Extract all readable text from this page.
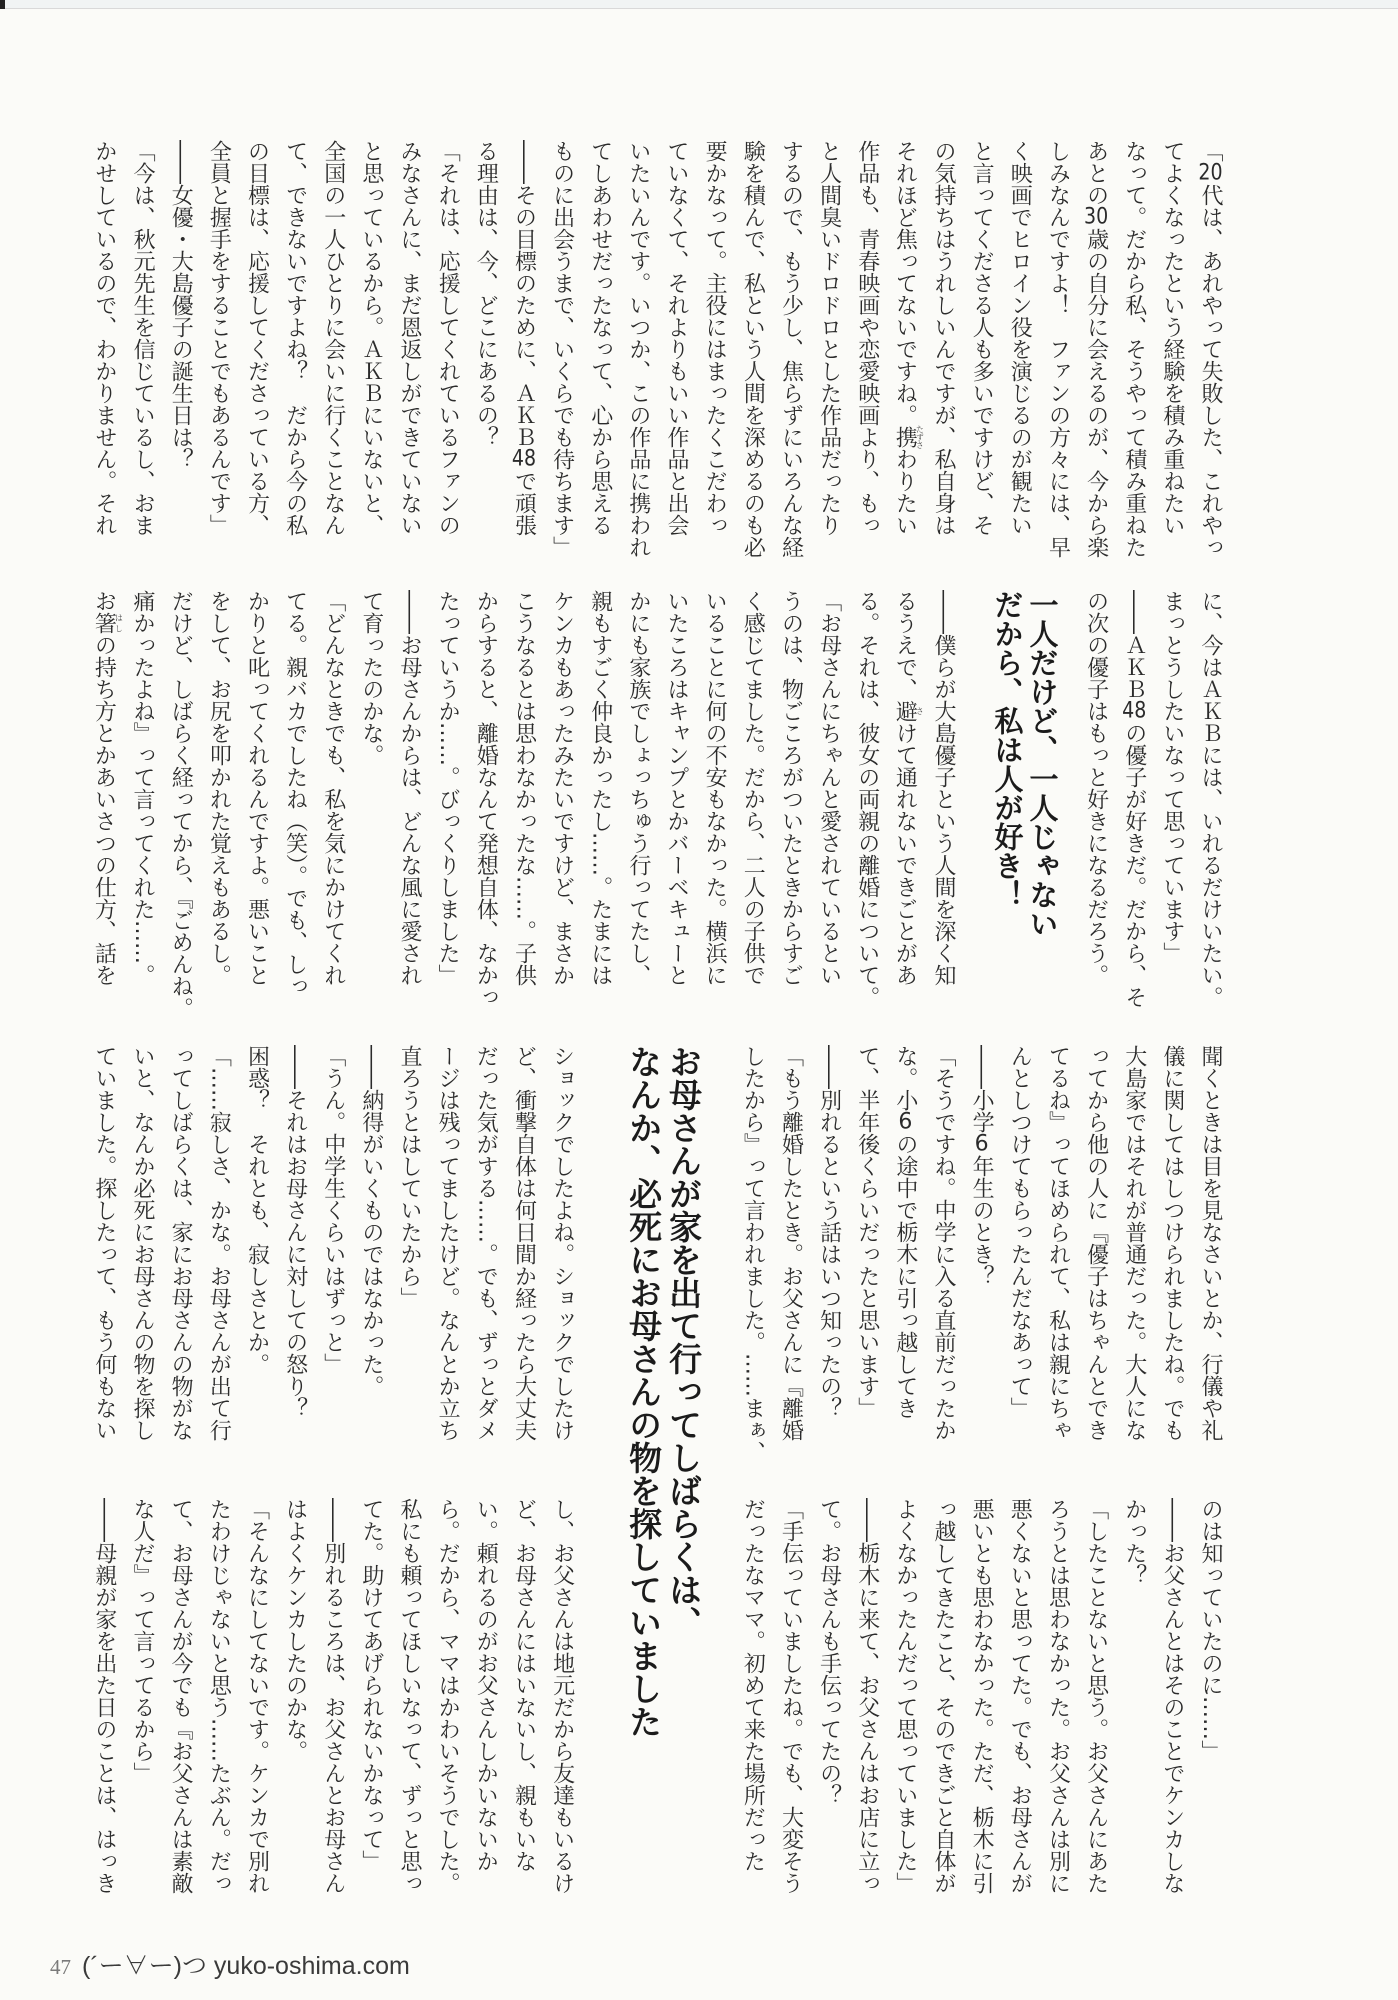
「20代は、あれやって失敗した、これやっ
てよくなったという経験を積み重ねたい
なって。だから私、そうやって積み重ねた
あとの30歳の自分に会えるのが、今から楽
しみなんですよ！　ファンの方々には、早
く映画でヒロイン役を演じるのが観たい
と言ってくださる人も多いですけど、そ
の気持ちはうれしいんですが、私自身は
それほど焦ってないですね。携たずさわりたい
作品も、青春映画や恋愛映画より、もっ
と人間臭いドロドロとした作品だったり
するので、もう少し、焦らずにいろんな経
験を積んで、私という人間を深めるのも必
要かなって。主役にはまったくこだわっ
ていなくて、それよりもいい作品と出会
いたいんです。いつか、この作品に携われ
てしあわせだったなって、心から思える
ものに出会うまで、いくらでも待ちます」
――その目標のために、ＡＫＢ48で頑張
る理由は、今、どこにあるの？
「それは、応援してくれているファンの
みなさんに、まだ恩返しができていない
と思っているから。ＡＫＢにいないと、
全国の一人ひとりに会いに行くことなん
て、できないですよね？　だから今の私
の目標は、応援してくださっている方、
全員と握手をすることでもあるんです」
――女優・大島優子の誕生日は？
「今は、秋元先生を信じているし、おま
かせしているので、わかりません。それ
に、今はＡＫＢには、いれるだけいたい。
まっとうしたいなって思っています」
――ＡＫＢ48の優子が好きだ。だから、そ
の次の優子はもっと好きになるだろう。
一人だけど、一人じゃない
だから、私は人が好き！
――僕らが大島優子という人間を深く知
るうえで、避さけて通れないできごとがあ
る。それは、彼女の両親の離婚について。
「お母さんにちゃんと愛されているとい
うのは、物ごころがついたときからすご
く感じてました。だから、二人の子供で
いることに何の不安もなかった。横浜に
いたころはキャンプとかバーベキューと
かにも家族でしょっちゅう行ってたし、
親もすごく仲良かったし……。たまには
ケンカもあったみたいですけど、まさか
こうなるとは思わなかったな……。子供
からすると、離婚なんて発想自体、なかっ
たっていうか……。びっくりしました」
――お母さんからは、どんな風に愛され
て育ったのかな。
「どんなときでも、私を気にかけてくれ
てる。親バカでしたね（笑）。でも、しっ
かりと叱ってくれるんですよ。悪いこと
をして、お尻を叩かれた覚えもあるし。
だけど、しばらく経ってから、『ごめんね。
痛かったよね』って言ってくれた……。
お箸はしの持ち方とかあいさつの仕方、話を
聞くときは目を見なさいとか、行儀や礼
儀に関してはしつけられましたね。でも
大島家ではそれが普通だった。大人にな
ってから他の人に『優子はちゃんとでき
てるね』ってほめられて、私は親にちゃ
んとしつけてもらったんだなあって」
――小学6年生のとき？
「そうですね。中学に入る直前だったか
な。小6の途中で栃木に引っ越してき
て、半年後くらいだったと思います」
――別れるという話はいつ知ったの？
「もう離婚したとき。お父さんに『離婚
したから』って言われました。……まぁ、
お母さんが家を出て行ってしばらくは、
なんか、必死にお母さんの物を探していました
ショックでしたよね。ショックでしたけ
ど、衝撃自体は何日間か経ったら大丈夫
だった気がする……。でも、ずっとダメ
ージは残ってましたけど。なんとか立ち
直ろうとはしていたから」
――納得がいくものではなかった。
「うん。中学生くらいはずっと」
――それはお母さんに対しての怒り？
困惑？　それとも、寂しさとか。
「……寂しさ、かな。お母さんが出て行
ってしばらくは、家にお母さんの物がな
いと、なんか必死にお母さんの物を探し
ていました。探したって、もう何もない
のは知っていたのに……」
――お父さんとはそのことでケンカしな
かった？
「したことないと思う。お父さんにあた
ろうとは思わなかった。お父さんは別に
悪くないと思ってた。でも、お母さんが
悪いとも思わなかった。ただ、栃木に引
っ越してきたこと、そのできごと自体が
よくなかったんだって思っていました」
――栃木に来て、お父さんはお店に立っ
て。お母さんも手伝ってたの？
「手伝っていましたね。でも、大変そう
だったなママ。初めて来た場所だった
し、お父さんは地元だから友達もいるけ
ど、お母さんにはいないし、親もいな
い。頼れるのがお父さんしかいないか
ら。だから、ママはかわいそうでした。
私にも頼ってほしいなって、ずっと思っ
てた。助けてあげられないかなって」
――別れるころは、お父さんとお母さん
はよくケンカしたのかな。
「そんなにしてないです。ケンカで別れ
たわけじゃないと思う……たぶん。だっ
て、お母さんが今でも『お父さんは素敵
な人だ』って言ってるから」
――母親が家を出た日のことは、はっき
47 (´ー∀ー)つ yuko-oshima.com
